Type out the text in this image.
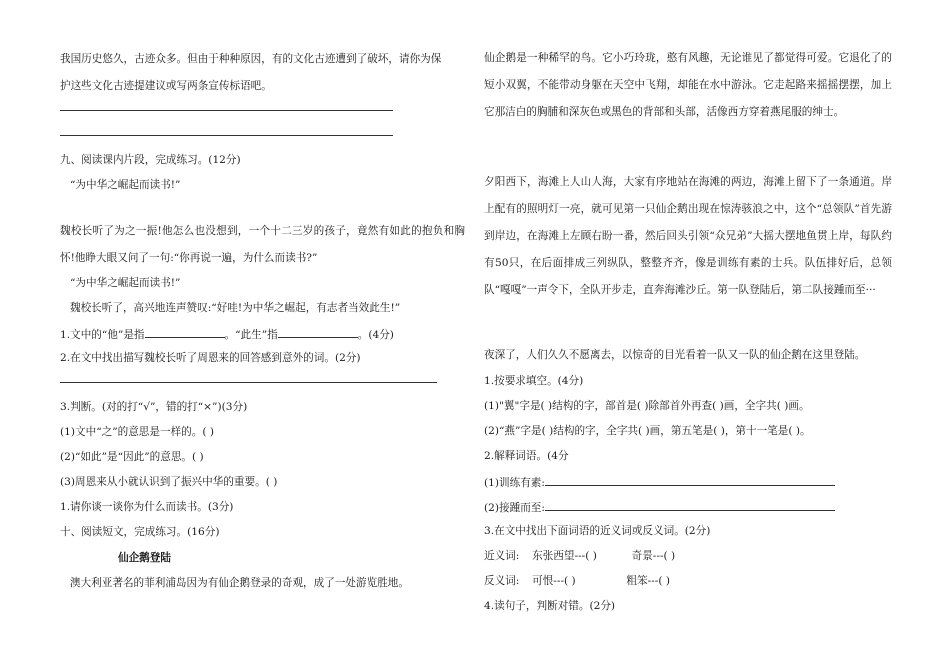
我国历史悠久，古迹众多。但由于种种原因，有的文化古迹遭到了破坏，请你为保
护这些文化古迹提建议或写两条宣传标语吧。
九、阅读课内片段，完成练习。(12分)
“为中华之崛起而读书!”
魏校长听了为之一振!他怎么也没想到，一个十二三岁的孩子，竟然有如此的抱负和胸怀!他睁大眼又问了一句:“你再说一遍，为什么而读书?”
“为中华之崛起而读书!”
魏校长听了，高兴地连声赞叹:“好哇!为中华之崛起，有志者当效此生!”
1.文中的“他”是指	。“此生”指	。(4分)
2.在文中找出描写魏校长听了周恩来的回答感到意外的词。(2分)
3.判断。(对的打“√”，错的打“×”)(3分)
(1)文中“之”的意思是一样的。( )
(2)“如此”是“因此”的意思。( )
(3)周恩来从小就认识到了振兴中华的重要。( )
1.请你谈一谈你为什么而读书。(3分)
十、阅读短文，完成练习。(16分)
仙企鹅登陆
澳大利亚著名的菲利浦岛因为有仙企鹅登录的奇观，成了一处游览胜地。
仙企鹅是一种稀罕的鸟。它小巧玲珑，憨有风趣，无论谁见了都觉得可爱。它退化了的短小双翼，不能带动身躯在天空中飞翔，却能在水中游泳。它走起路来摇摇摆摆，加上它那洁白的胸脯和深灰色或黑色的背部和头部，活像西方穿着燕尾服的绅士。
夕阳西下，海滩上人山人海，大家有序地站在海滩的两边，海滩上留下了一条通道。岸上配有的照明灯一亮，就可见第一只仙企鹅出现在惊涛骇浪之中，这个“总领队”首先游到岸边，在海滩上左顾右盼一番，然后回头引领“众兄弟”大摇大摆地鱼贯上岸，每队约有50只，在后面排成三列纵队，整整齐齐，像是训练有素的士兵。队伍排好后，总领队“嘎嘎”一声令下，全队开步走，直奔海滩沙丘。第一队登陆后，第二队接踵而至···
夜深了，人们久久不愿离去，以惊奇的目光看着一队又一队的仙企鹅在这里登陆。
1.按要求填空。(4分)
(1)"翼"字是( )结构的字，部首是( )除部首外再查( )画，全字共( )画。
(2)“燕”字是( )结构的字，全字共( )画，第五笔是( )，第十一笔是( )。
2.解释词语。(4分
(1)训练有素:
(2)接踵而至:
3.在文中找出下面词语的近义词或反义词。(2分)
近义词: 东张西望---( )	奇景---( )
反义词: 可恨---( )	粗笨---( )
4.读句子，判断对错。(2分)
